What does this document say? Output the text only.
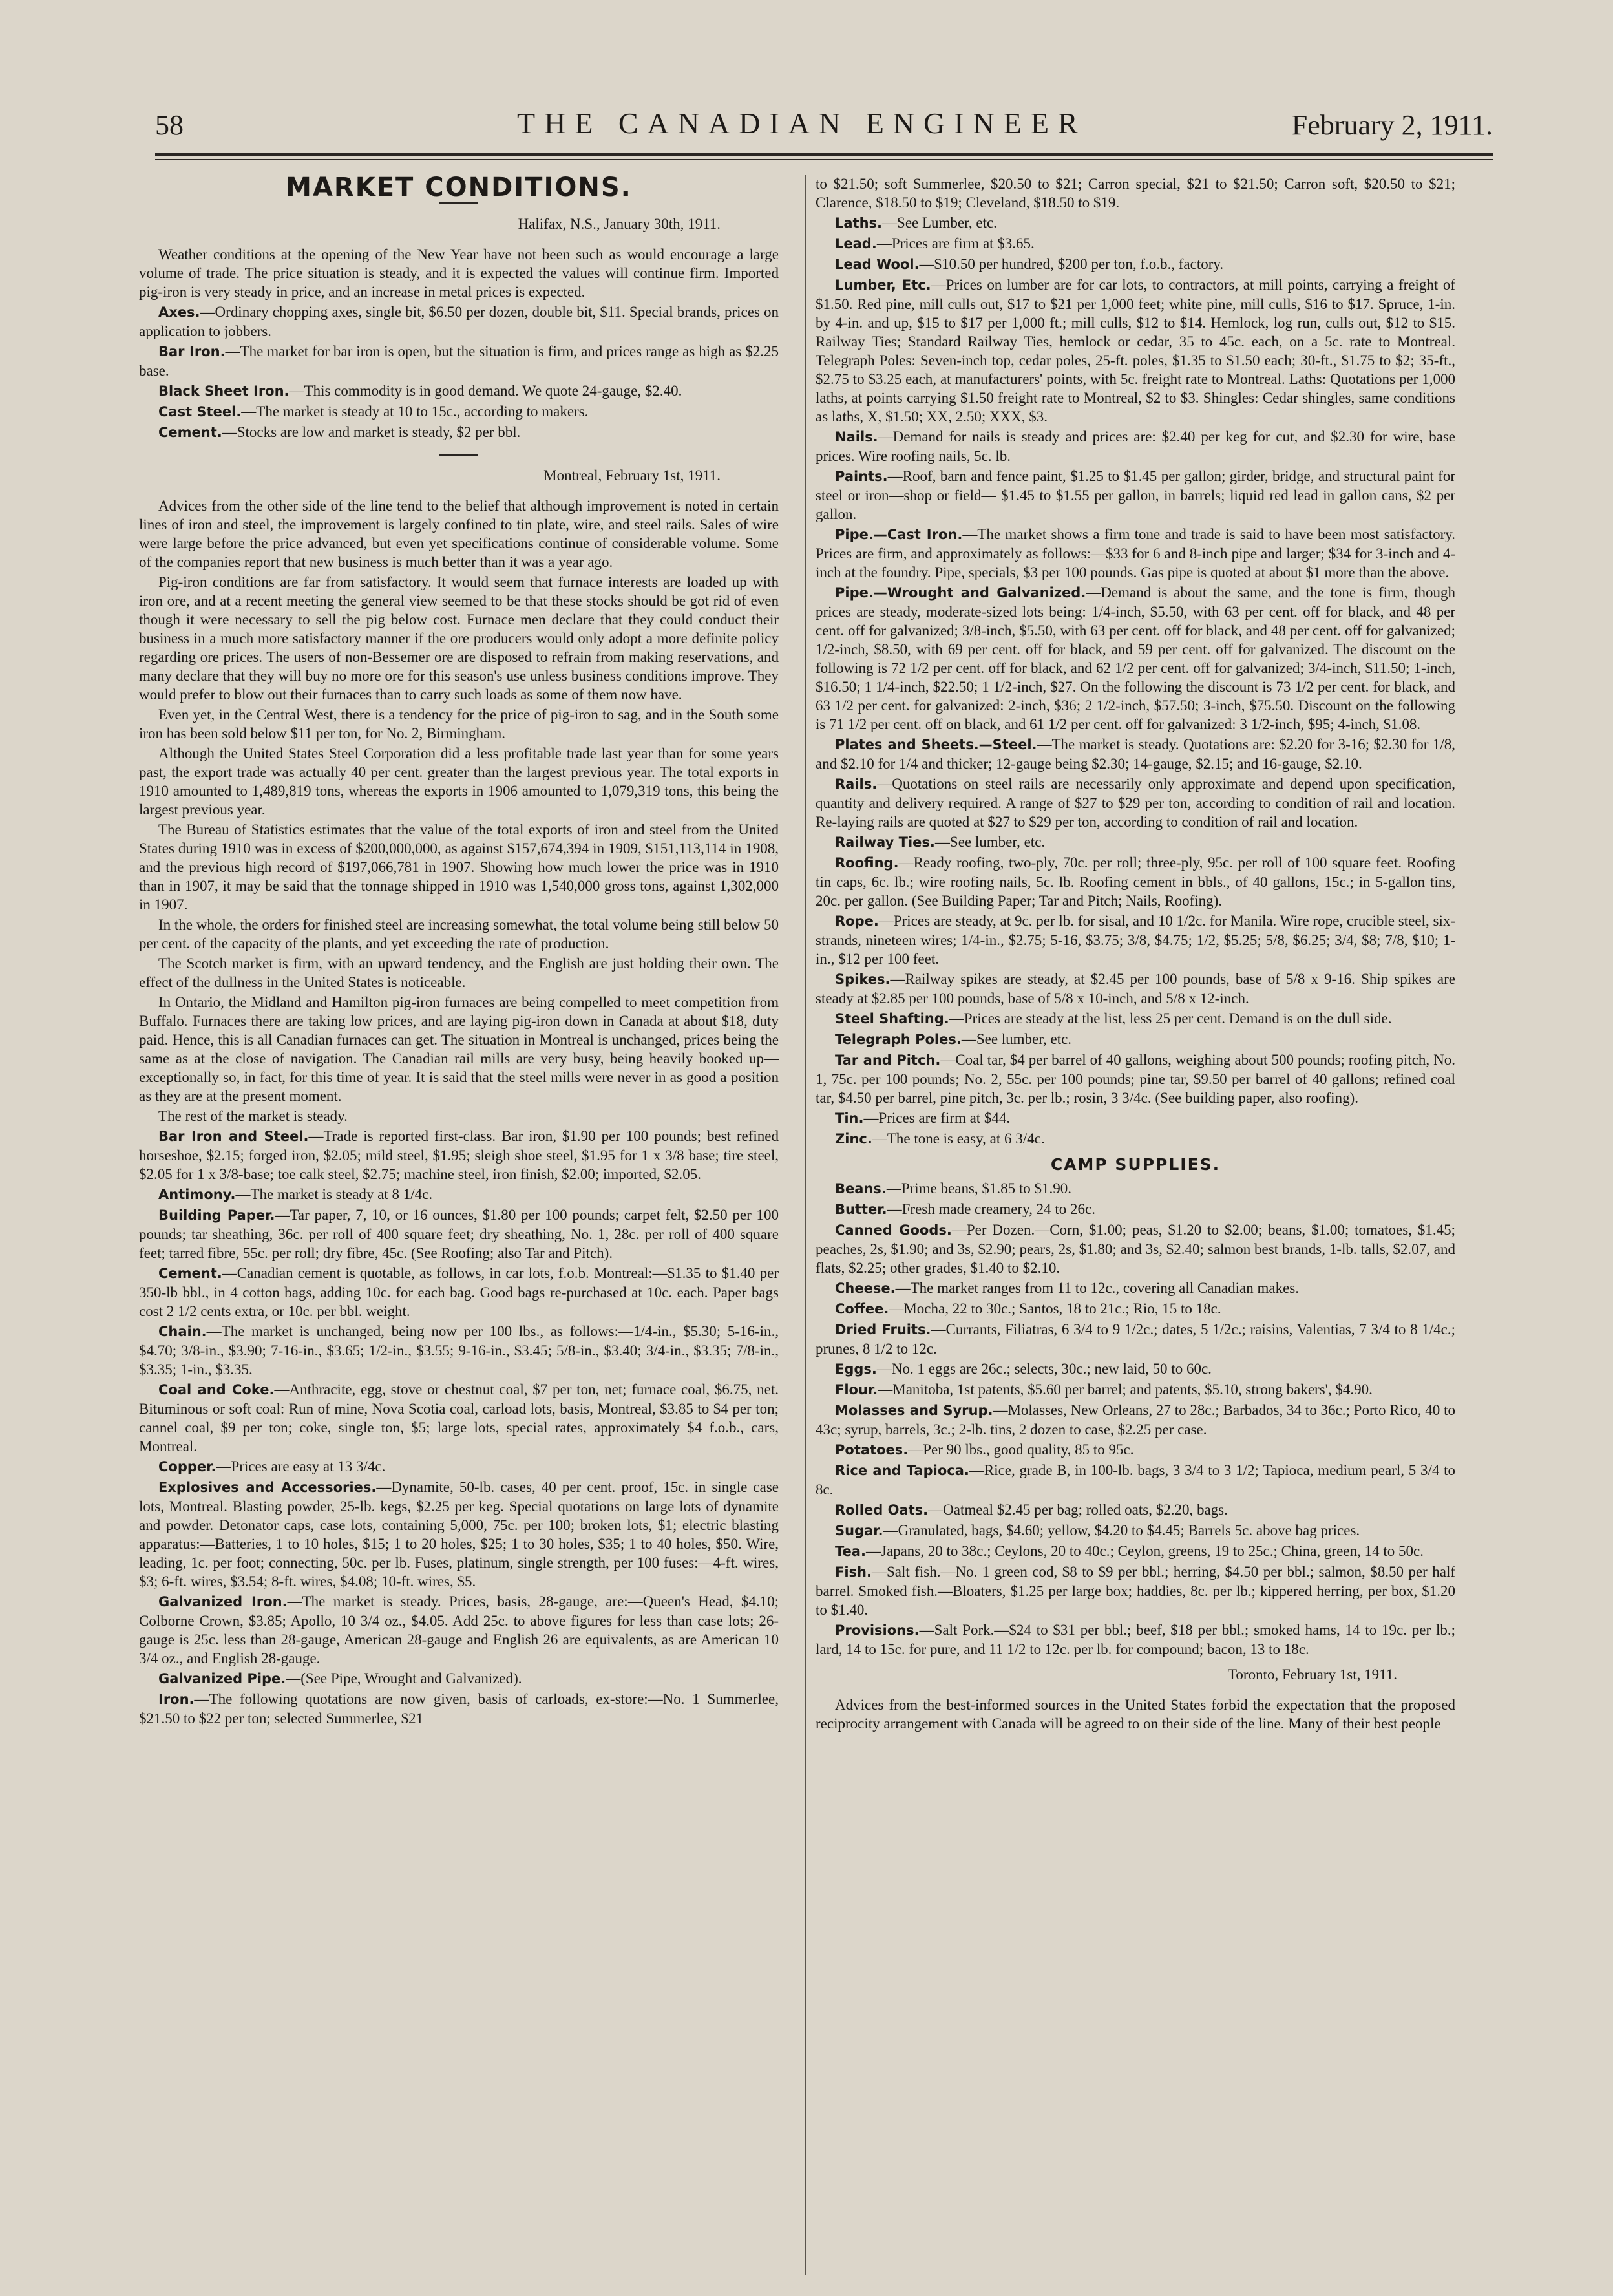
58	THE CANADIAN ENGINEER	February 2, 1911.
MARKET CONDITIONS.
Halifax, N.S., January 30th, 1911.

Weather conditions at the opening of the New Year have not been such as would encourage a large volume of trade. The price situation is steady, and it is expected the values will continue firm. Imported pig-iron is very steady in price, and an increase in metal prices is expected.

Axes.—Ordinary chopping axes, single bit, $6.50 per dozen, double bit, $11. Special brands, prices on application to jobbers.

Bar Iron.—The market for bar iron is open, but the situation is firm, and prices range as high as $2.25 base.

Black Sheet Iron.—This commodity is in good demand. We quote 24-gauge, $2.40.

Cast Steel.—The market is steady at 10 to 15c., according to makers.

Cement.—Stocks are low and market is steady, $2 per bbl.

Montreal, February 1st, 1911.

Advices from the other side of the line tend to the belief that although improvement is noted in certain lines of iron and steel, the improvement is largely confined to tin plate, wire, and steel rails. Sales of wire were large before the price advanced, but even yet specifications continue of considerable volume. Some of the companies report that new business is much better than it was a year ago.

Pig-iron conditions are far from satisfactory. It would seem that furnace interests are loaded up with iron ore, and at a recent meeting the general view seemed to be that these stocks should be got rid of even though it were necessary to sell the pig below cost. Furnace men declare that they could conduct their business in a much more satisfactory manner if the ore producers would only adopt a more definite policy regarding ore prices. The users of non-Bessemer ore are disposed to refrain from making reservations, and many declare that they will buy no more ore for this season's use unless business conditions improve. They would prefer to blow out their furnaces than to carry such loads as some of them now have.

Even yet, in the Central West, there is a tendency for the price of pig-iron to sag, and in the South some iron has been sold below $11 per ton, for No. 2, Birmingham.

Although the United States Steel Corporation did a less profitable trade last year than for some years past, the export trade was actually 40 per cent. greater than the largest previous year. The total exports in 1910 amounted to 1,489,819 tons, whereas the exports in 1906 amounted to 1,079,319 tons, this being the largest previous year.

The Bureau of Statistics estimates that the value of the total exports of iron and steel from the United States during 1910 was in excess of $200,000,000, as against $157,674,394 in 1909, $151,113,114 in 1908, and the previous high record of $197,066,781 in 1907. Showing how much lower the price was in 1910 than in 1907, it may be said that the tonnage shipped in 1910 was 1,540,000 gross tons, against 1,302,000 in 1907.

In the whole, the orders for finished steel are increasing somewhat, the total volume being still below 50 per cent. of the capacity of the plants, and yet exceeding the rate of production.

The Scotch market is firm, with an upward tendency, and the English are just holding their own. The effect of the dullness in the United States is noticeable.

In Ontario, the Midland and Hamilton pig-iron furnaces are being compelled to meet competition from Buffalo. Furnaces there are taking low prices, and are laying pig-iron down in Canada at about $18, duty paid. Hence, this is all Canadian furnaces can get. The situation in Montreal is unchanged, prices being the same as at the close of navigation. The Canadian rail mills are very busy, being heavily booked up—exceptionally so, in fact, for this time of year. It is said that the steel mills were never in as good a position as they are at the present moment.

The rest of the market is steady.

Bar Iron and Steel.—Trade is reported first-class. Bar iron, $1.90 per 100 pounds; best refined horseshoe, $2.15; forged iron, $2.05; mild steel, $1.95; sleigh shoe steel, $1.95 for 1 x 3/8 base; tire steel, $2.05 for 1 x 3/8-base; toe calk steel, $2.75; machine steel, iron finish, $2.00; imported, $2.05.

Antimony.—The market is steady at 8 1/4c.

Building Paper.—Tar paper, 7, 10, or 16 ounces, $1.80 per 100 pounds; carpet felt, $2.50 per 100 pounds; tar sheathing, 36c. per roll of 400 square feet; dry sheathing, No. 1, 28c. per roll of 400 square feet; tarred fibre, 55c. per roll; dry fibre, 45c. (See Roofing; also Tar and Pitch).

Cement.—Canadian cement is quotable, as follows, in car lots, f.o.b. Montreal:—$1.35 to $1.40 per 350-lb bbl., in 4 cotton bags, adding 10c. for each bag. Good bags re-purchased at 10c. each. Paper bags cost 2 1/2 cents extra, or 10c. per bbl. weight.

Chain.—The market is unchanged, being now per 100 lbs., as follows:—1/4-in., $5.30; 5-16-in., $4.70; 3/8-in., $3.90; 7-16-in., $3.65; 1/2-in., $3.55; 9-16-in., $3.45; 5/8-in., $3.40; 3/4-in., $3.35; 7/8-in., $3.35; 1-in., $3.35.

Coal and Coke.—Anthracite, egg, stove or chestnut coal, $7 per ton, net; furnace coal, $6.75, net. Bituminous or soft coal: Run of mine, Nova Scotia coal, carload lots, basis, Montreal, $3.85 to $4 per ton; cannel coal, $9 per ton; coke, single ton, $5; large lots, special rates, approximately $4 f.o.b., cars, Montreal.

Copper.—Prices are easy at 13 3/4c.

Explosives and Accessories.—Dynamite, 50-lb. cases, 40 per cent. proof, 15c. in single case lots, Montreal. Blasting powder, 25-lb. kegs, $2.25 per keg. Special quotations on large lots of dynamite and powder. Detonator caps, case lots, containing 5,000, 75c. per 100; broken lots, $1; electric blasting apparatus:—Batteries, 1 to 10 holes, $15; 1 to 20 holes, $25; 1 to 30 holes, $35; 1 to 40 holes, $50. Wire, leading, 1c. per foot; connecting, 50c. per lb. Fuses, platinum, single strength, per 100 fuses:—4-ft. wires, $3; 6-ft. wires, $3.54; 8-ft. wires, $4.08; 10-ft. wires, $5.

Galvanized Iron.—The market is steady. Prices, basis, 28-gauge, are:—Queen's Head, $4.10; Colborne Crown, $3.85; Apollo, 10 3/4 oz., $4.05. Add 25c. to above figures for less than case lots; 26-gauge is 25c. less than 28-gauge, American 28-gauge and English 26 are equivalents, as are American 10 3/4 oz., and English 28-gauge.

Galvanized Pipe.—(See Pipe, Wrought and Galvanized).

Iron.—The following quotations are now given, basis of carloads, ex-store:—No. 1 Summerlee, $21.50 to $22 per ton; selected Summerlee, $21

to $21.50; soft Summerlee, $20.50 to $21; Carron special, $21 to $21.50; Carron soft, $20.50 to $21; Clarence, $18.50 to $19; Cleveland, $18.50 to $19.

Laths.—See Lumber, etc.

Lead.—Prices are firm at $3.65.

Lead Wool.—$10.50 per hundred, $200 per ton, f.o.b., factory.

Lumber, Etc.—Prices on lumber are for car lots, to contractors, at mill points, carrying a freight of $1.50. Red pine, mill culls out, $17 to $21 per 1,000 feet; white pine, mill culls, $16 to $17. Spruce, 1-in. by 4-in. and up, $15 to $17 per 1,000 ft.; mill culls, $12 to $14. Hemlock, log run, culls out, $12 to $15. Railway Ties; Standard Railway Ties, hemlock or cedar, 35 to 45c. each, on a 5c. rate to Montreal. Telegraph Poles: Seven-inch top, cedar poles, 25-ft. poles, $1.35 to $1.50 each; 30-ft., $1.75 to $2; 35-ft., $2.75 to $3.25 each, at manufacturers' points, with 5c. freight rate to Montreal. Laths: Quotations per 1,000 laths, at points carrying $1.50 freight rate to Montreal, $2 to $3. Shingles: Cedar shingles, same conditions as laths, X, $1.50; XX, 2.50; XXX, $3.

Nails.—Demand for nails is steady and prices are: $2.40 per keg for cut, and $2.30 for wire, base prices. Wire roofing nails, 5c. lb.

Paints.—Roof, barn and fence paint, $1.25 to $1.45 per gallon; girder, bridge, and structural paint for steel or iron—shop or field— $1.45 to $1.55 per gallon, in barrels; liquid red lead in gallon cans, $2 per gallon.

Pipe.—Cast Iron.—The market shows a firm tone and trade is said to have been most satisfactory. Prices are firm, and approximately as follows:—$33 for 6 and 8-inch pipe and larger; $34 for 3-inch and 4-inch at the foundry. Pipe, specials, $3 per 100 pounds. Gas pipe is quoted at about $1 more than the above.

Pipe.—Wrought and Galvanized.—Demand is about the same, and the tone is firm, though prices are steady, moderate-sized lots being: 1/4-inch, $5.50, with 63 per cent. off for black, and 48 per cent. off for galvanized; 3/8-inch, $5.50, with 63 per cent. off for black, and 48 per cent. off for galvanized; 1/2-inch, $8.50, with 69 per cent. off for black, and 59 per cent. off for galvanized. The discount on the following is 72 1/2 per cent. off for black, and 62 1/2 per cent. off for galvanized; 3/4-inch, $11.50; 1-inch, $16.50; 1 1/4-inch, $22.50; 1 1/2-inch, $27. On the following the discount is 73 1/2 per cent. for black, and 63 1/2 per cent. for galvanized: 2-inch, $36; 2 1/2-inch, $57.50; 3-inch, $75.50. Discount on the following is 71 1/2 per cent. off on black, and 61 1/2 per cent. off for galvanized: 3 1/2-inch, $95; 4-inch, $1.08.

Plates and Sheets.—Steel.—The market is steady. Quotations are: $2.20 for 3-16; $2.30 for 1/8, and $2.10 for 1/4 and thicker; 12-gauge being $2.30; 14-gauge, $2.15; and 16-gauge, $2.10.

Rails.—Quotations on steel rails are necessarily only approximate and depend upon specification, quantity and delivery required. A range of $27 to $29 per ton, according to condition of rail and location. Re-laying rails are quoted at $27 to $29 per ton, according to condition of rail and location.

Railway Ties.—See lumber, etc.

Roofing.—Ready roofing, two-ply, 70c. per roll; three-ply, 95c. per roll of 100 square feet. Roofing tin caps, 6c. lb.; wire roofing nails, 5c. lb. Roofing cement in bbls., of 40 gallons, 15c.; in 5-gallon tins, 20c. per gallon. (See Building Paper; Tar and Pitch; Nails, Roofing).

Rope.—Prices are steady, at 9c. per lb. for sisal, and 10 1/2c. for Manila. Wire rope, crucible steel, six-strands, nineteen wires; 1/4-in., $2.75; 5-16, $3.75; 3/8, $4.75; 1/2, $5.25; 5/8, $6.25; 3/4, $8; 7/8, $10; 1-in., $12 per 100 feet.

Spikes.—Railway spikes are steady, at $2.45 per 100 pounds, base of 5/8 x 9-16. Ship spikes are steady at $2.85 per 100 pounds, base of 5/8 x 10-inch, and 5/8 x 12-inch.

Steel Shafting.—Prices are steady at the list, less 25 per cent. Demand is on the dull side.

Telegraph Poles.—See lumber, etc.

Tar and Pitch.—Coal tar, $4 per barrel of 40 gallons, weighing about 500 pounds; roofing pitch, No. 1, 75c. per 100 pounds; No. 2, 55c. per 100 pounds; pine tar, $9.50 per barrel of 40 gallons; refined coal tar, $4.50 per barrel, pine pitch, 3c. per lb.; rosin, 3 3/4c. (See building paper, also roofing).

Tin.—Prices are firm at $44.

Zinc.—The tone is easy, at 6 3/4c.

CAMP SUPPLIES.

Beans.—Prime beans, $1.85 to $1.90.

Butter.—Fresh made creamery, 24 to 26c.

Canned Goods.—Per Dozen.—Corn, $1.00; peas, $1.20 to $2.00; beans, $1.00; tomatoes, $1.45; peaches, 2s, $1.90; and 3s, $2.90; pears, 2s, $1.80; and 3s, $2.40; salmon best brands, 1-lb. talls, $2.07, and flats, $2.25; other grades, $1.40 to $2.10.

Cheese.—The market ranges from 11 to 12c., covering all Canadian makes.

Coffee.—Mocha, 22 to 30c.; Santos, 18 to 21c.; Rio, 15 to 18c.

Dried Fruits.—Currants, Filiatras, 6 3/4 to 9 1/2c.; dates, 5 1/2c.; raisins, Valentias, 7 3/4 to 8 1/4c.; prunes, 8 1/2 to 12c.

Eggs.—No. 1 eggs are 26c.; selects, 30c.; new laid, 50 to 60c.

Flour.—Manitoba, 1st patents, $5.60 per barrel; and patents, $5.10, strong bakers', $4.90.

Molasses and Syrup.—Molasses, New Orleans, 27 to 28c.; Barbados, 34 to 36c.; Porto Rico, 40 to 43c; syrup, barrels, 3c.; 2-lb. tins, 2 dozen to case, $2.25 per case.

Potatoes.—Per 90 lbs., good quality, 85 to 95c.

Rice and Tapioca.—Rice, grade B, in 100-lb. bags, 3 3/4 to 3 1/2; Tapioca, medium pearl, 5 3/4 to 8c.

Rolled Oats.—Oatmeal $2.45 per bag; rolled oats, $2.20, bags.

Sugar.—Granulated, bags, $4.60; yellow, $4.20 to $4.45; Barrels 5c. above bag prices.

Tea.—Japans, 20 to 38c.; Ceylons, 20 to 40c.; Ceylon, greens, 19 to 25c.; China, green, 14 to 50c.

Fish.—Salt fish.—No. 1 green cod, $8 to $9 per bbl.; herring, $4.50 per bbl.; salmon, $8.50 per half barrel. Smoked fish.—Bloaters, $1.25 per large box; haddies, 8c. per lb.; kippered herring, per box, $1.20 to $1.40.

Provisions.—Salt Pork.—$24 to $31 per bbl.; beef, $18 per bbl.; smoked hams, 14 to 19c. per lb.; lard, 14 to 15c. for pure, and 11 1/2 to 12c. per lb. for compound; bacon, 13 to 18c.

Toronto, February 1st, 1911.

Advices from the best-informed sources in the United States forbid the expectation that the proposed reciprocity arrangement with Canada will be agreed to on their side of the line. Many of their best people
